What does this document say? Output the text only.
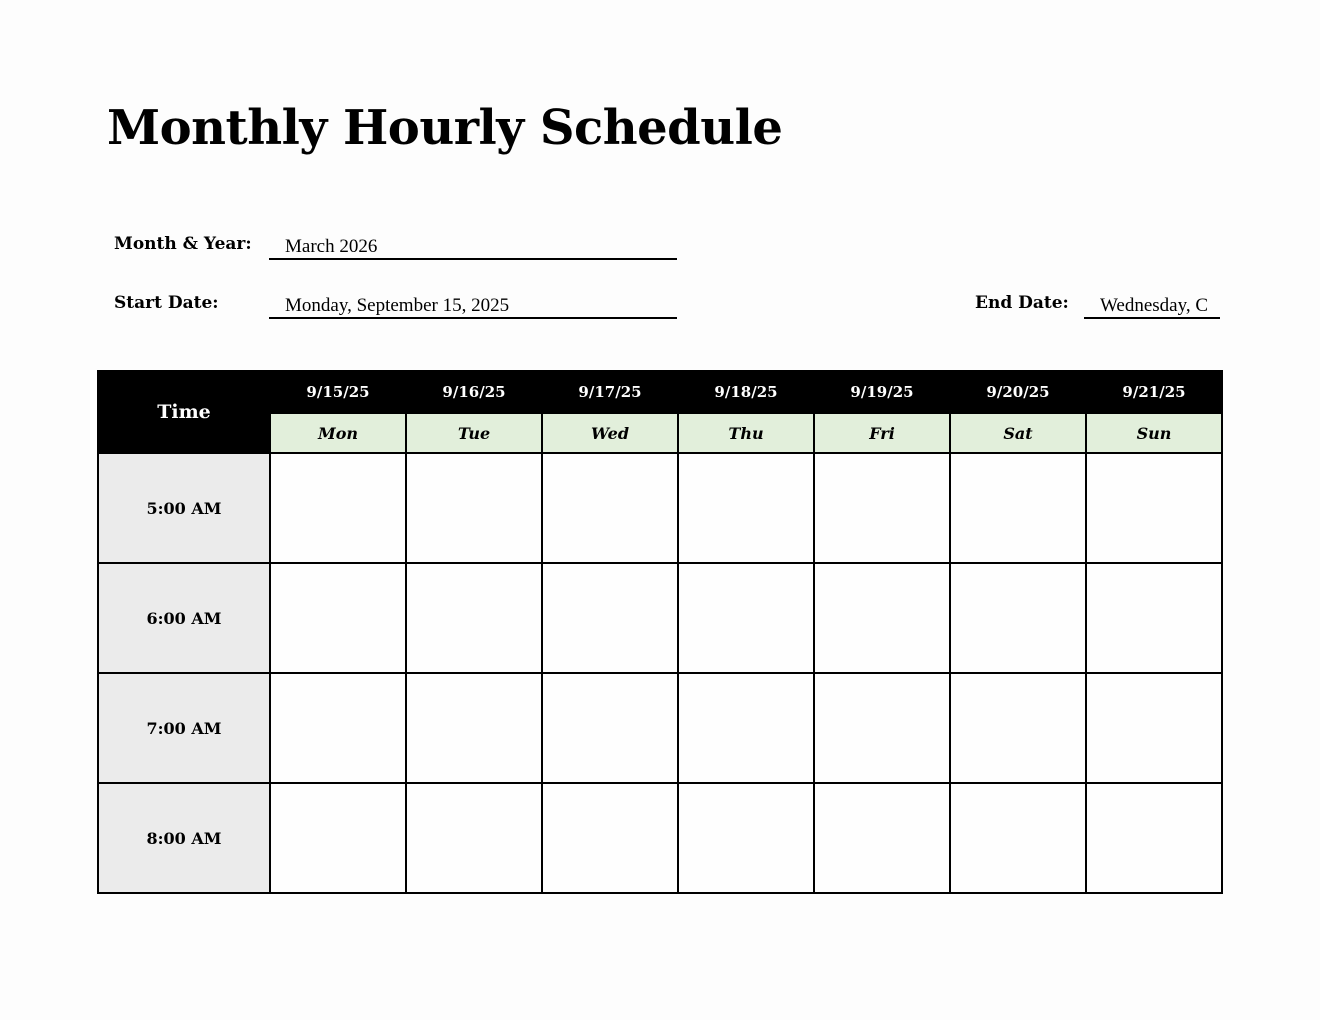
Monthly Hourly Schedule
Month & Year:	March 2026
Start Date:	Monday, September 15, 2025	End Date:	Wednesday, C
Time	9/15/25	9/16/25	9/17/25	9/18/25	9/19/25	9/20/25	9/21/25
	Mon	Tue	Wed	Thu	Fri	Sat	Sun
5:00 AM							
6:00 AM							
7:00 AM							
8:00 AM							
